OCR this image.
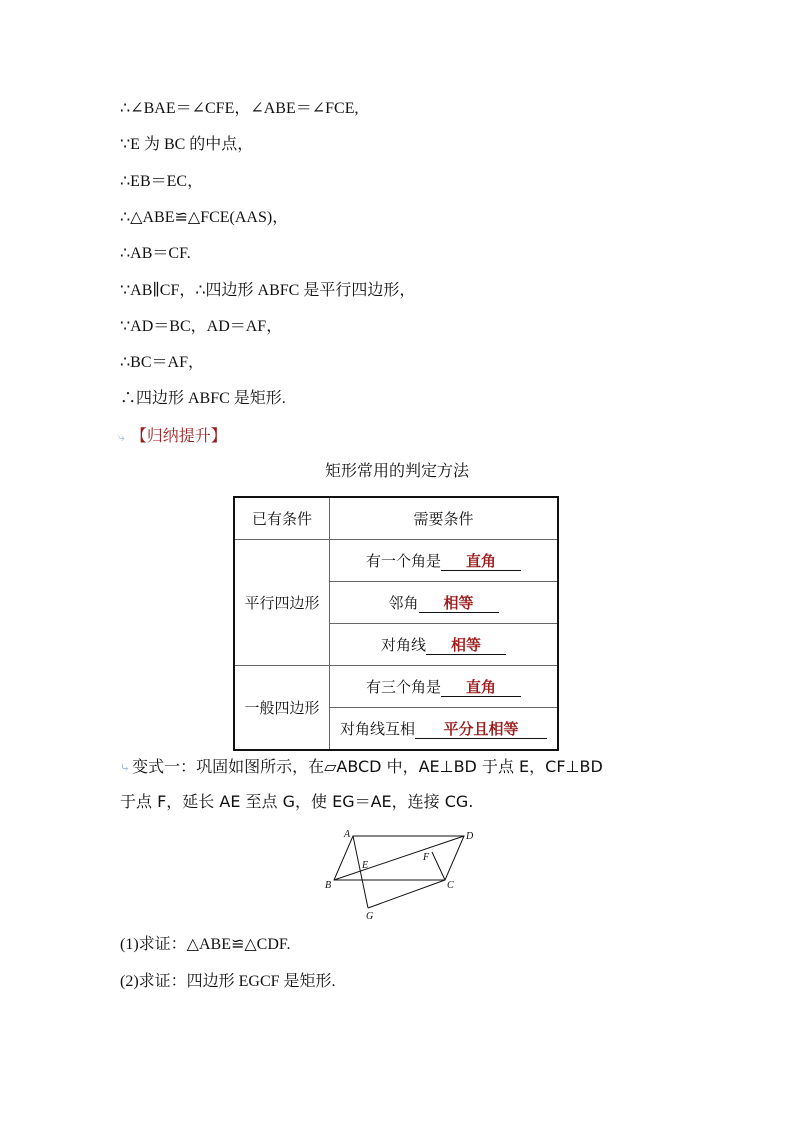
∴∠BAE＝∠CFE，∠ABE＝∠FCE,
∵E 为 BC 的中点，
∴EB＝EC，
∴△ABE≌△FCE(AAS)，
∴AB＝CF.
∵AB∥CF，∴四边形 ABFC 是平行四边形，
∵AD＝BC，AD＝AF，
∴BC＝AF，
∴四边形 ABFC 是矩形.
⤷ 【归纳提升】
矩形常用的判定方法
已有条件	需要条件
平行四边形	有一个角是 直角
	邻角 相等
	对角线 相等
一般四边形	有三个角是 直角
	对角线互相 平分且相等
⤷ 变式一：巩固如图所示，在▱ABCD 中，AE⊥BD 于点 E，CF⊥BD
于点 F，延长 AE 至点 G，使 EG＝AE，连接 CG.
A	D
B	C
E
F
G
(1)求证：△ABE≌△CDF.
(2)求证：四边形 EGCF 是矩形.
